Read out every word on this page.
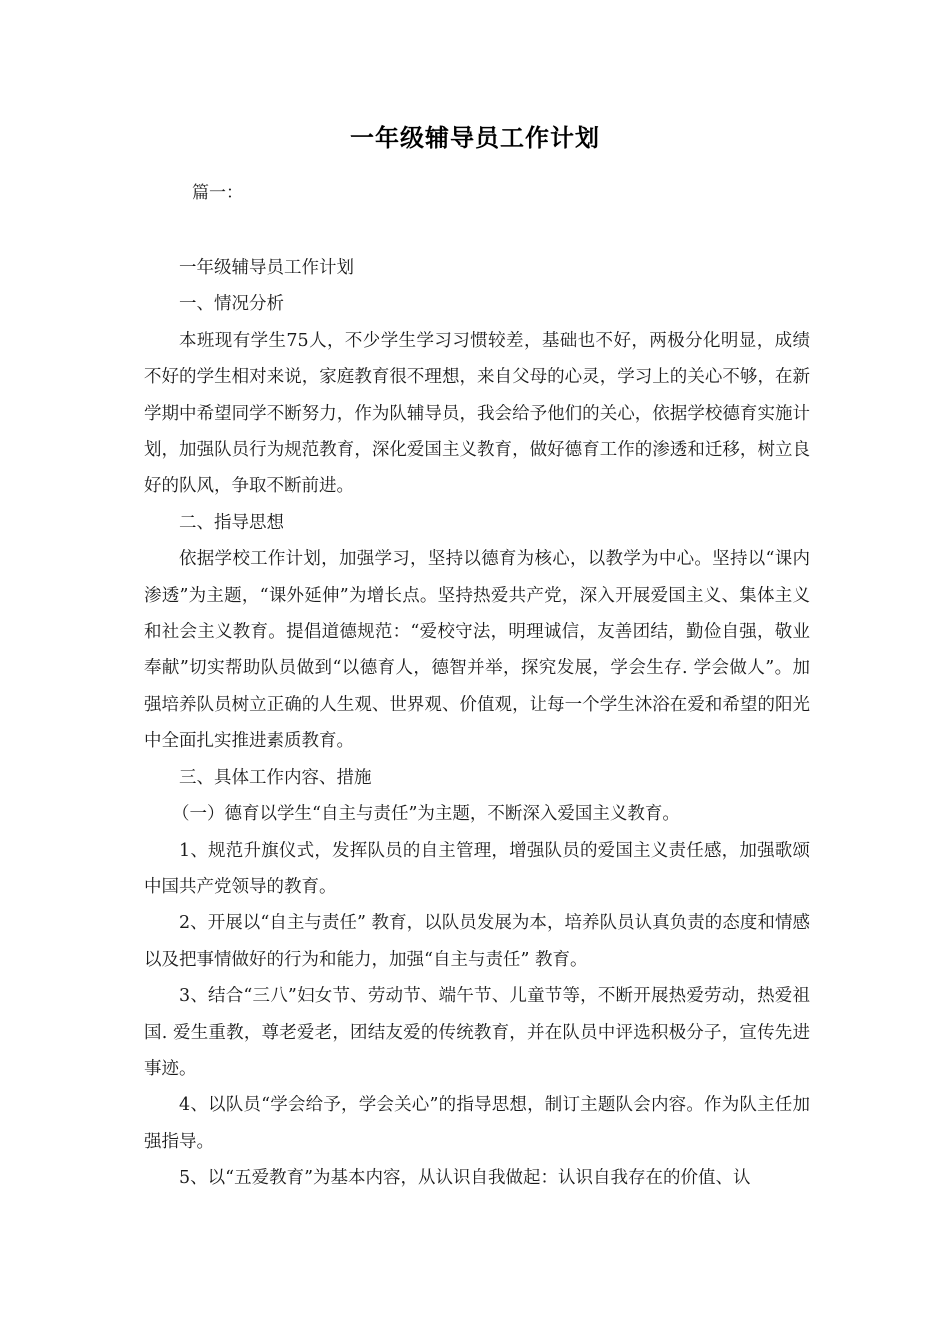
一年级辅导员工作计划
篇一：

一年级辅导员工作计划

一、情况分析

本班现有学生75人，不少学生学习习惯较差，基础也不好，两极分化明显，成绩不好的学生相对来说，家庭教育很不理想，来自父母的心灵，学习上的关心不够，在新学期中希望同学不断努力，作为队辅导员，我会给予他们的关心，依据学校德育实施计划，加强队员行为规范教育，深化爱国主义教育，做好德育工作的渗透和迁移，树立良好的队风，争取不断前进。

二、指导思想

依据学校工作计划，加强学习，坚持以德育为核心，以教学为中心。坚持以“课内渗透”为主题，“课外延伸”为增长点。坚持热爱共产党，深入开展爱国主义、集体主义和社会主义教育。提倡道德规范：“爱校守法，明理诚信，友善团结，勤俭自强，敬业奉献”切实帮助队员做到“以德育人，德智并举，探究发展，学会生存. 学会做人”。加强培养队员树立正确的人生观、世界观、价值观，让每一个学生沐浴在爱和希望的阳光中全面扎实推进素质教育。

三、具体工作内容、措施

（一）德育以学生“自主与责任”为主题，不断深入爱国主义教育。

1、规范升旗仪式，发挥队员的自主管理，增强队员的爱国主义责任感，加强歌颂中国共产党领导的教育。

2、开展以“自主与责任” 教育，以队员发展为本，培养队员认真负责的态度和情感以及把事情做好的行为和能力，加强“自主与责任” 教育。

3、结合“三八”妇女节、劳动节、端午节、儿童节等，不断开展热爱劳动，热爱祖国. 爱生重教，尊老爱老，团结友爱的传统教育，并在队员中评选积极分子，宣传先进事迹。

4、以队员“学会给予，学会关心”的指导思想，制订主题队会内容。作为队主任加强指导。

5、以“五爱教育”为基本内容，从认识自我做起：认识自我存在的价值、认
